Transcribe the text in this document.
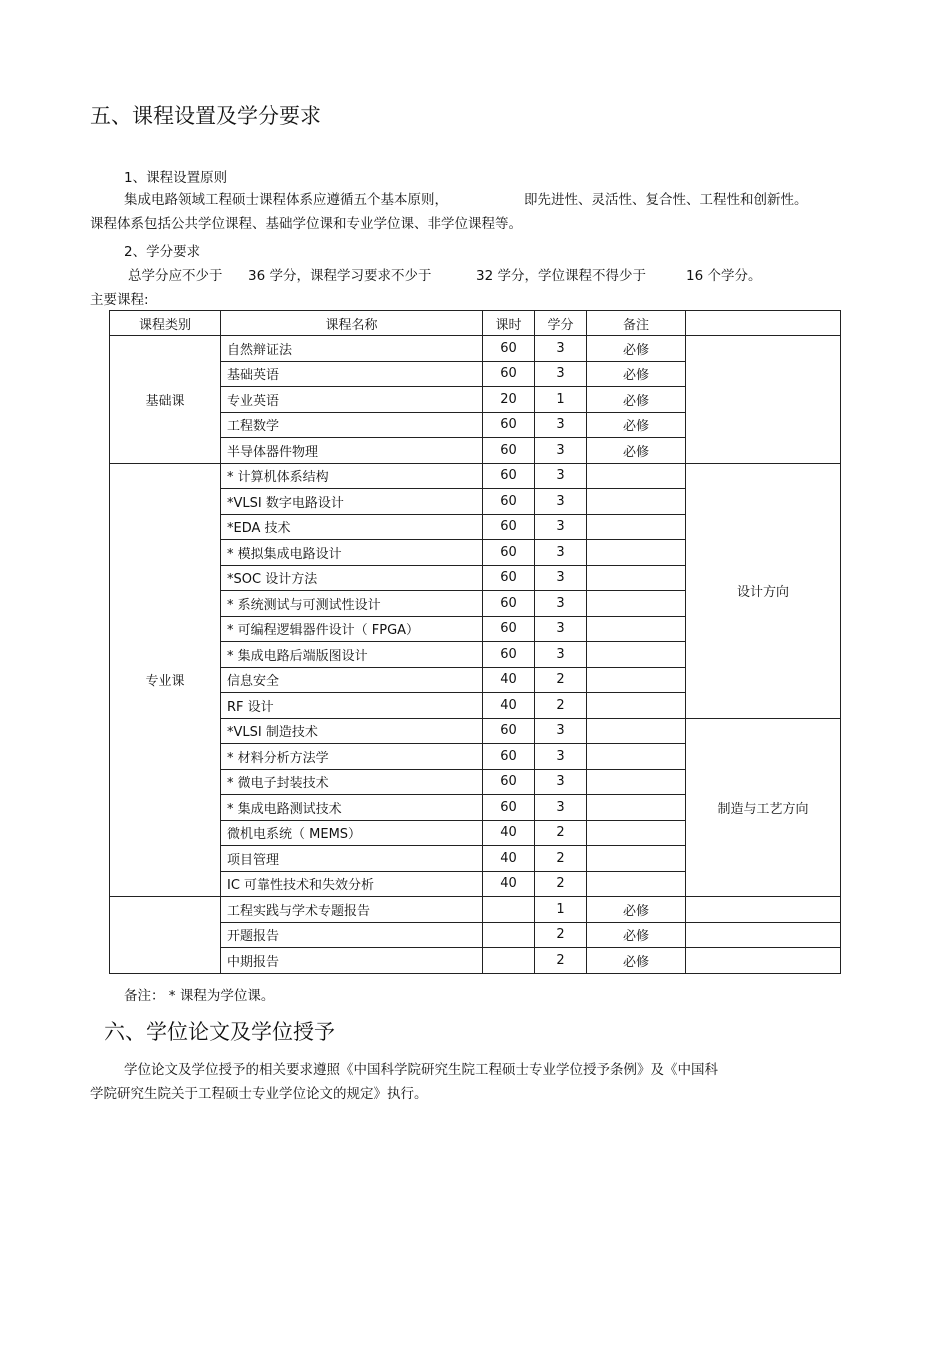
五、课程设置及学分要求
1、课程设置原则
集成电路领域工程硕士课程体系应遵循五个基本原则，	即先进性、灵活性、复合性、工程性和创新性。
课程体系包括公共学位课程、基础学位课和专业学位课、非学位课程等。
2、学分要求
总学分应不少于 36 学分，课程学习要求不少于	32 学分，学位课程不得少于	16 个学分。
主要课程:
课程类别	课程名称	课时	学分	备注	
基础课	自然辩证法	60	3	必修	
	基础英语	60	3	必修	
	专业英语	20	1	必修	
	工程数学	60	3	必修	
	半导体器件物理	60	3	必修	
专业课	* 计算机体系结构	60	3		设计方向
	*VLSI 数字电路设计	60	3		
	*EDA 技术	60	3		
	* 模拟集成电路设计	60	3		
	*SOC 设计方法	60	3		
	* 系统测试与可测试性设计	60	3		
	* 可编程逻辑器件设计（ FPGA）	60	3		
	* 集成电路后端版图设计	60	3		
	信息安全	40	2		
	RF 设计	40	2		
	*VLSI 制造技术	60	3		制造与工艺方向
	* 材料分析方法学	60	3		
	* 微电子封装技术	60	3		
	* 集成电路测试技术	60	3		
	微机电系统（ MEMS）	40	2		
	项目管理	40	2		
	IC 可靠性技术和失效分析	40	2		
	工程实践与学术专题报告		1	必修	
	开题报告		2	必修	
	中期报告		2	必修	
备注： * 课程为学位课。
六、学位论文及学位授予
学位论文及学位授予的相关要求遵照《中国科学院研究生院工程硕士专业学位授予条例》及《中国科
学院研究生院关于工程硕士专业学位论文的规定》执行。
